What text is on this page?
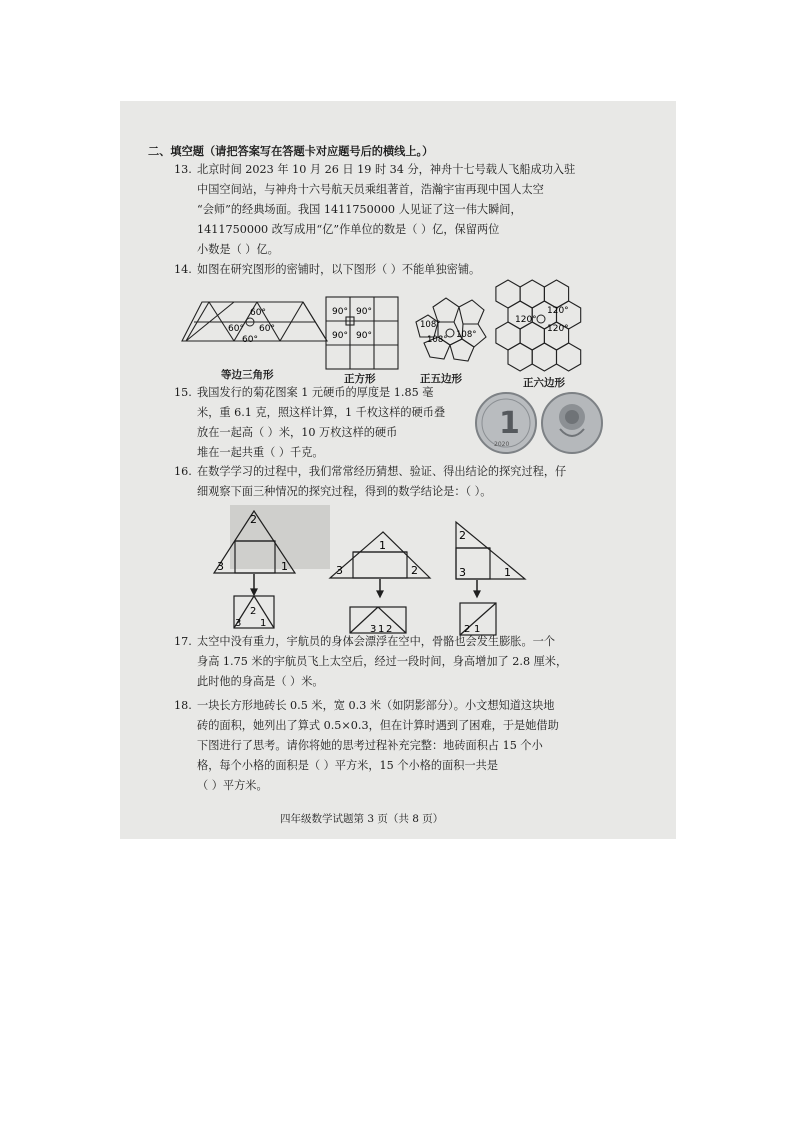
二、填空题（请把答案写在答题卡对应题号后的横线上。）
13. 北京时间 2023 年 10 月 26 日 19 时 34 分，神舟十七号载人飞船成功入驻
中国空间站，与神舟十六号航天员乘组著首，浩瀚宇宙再现中国人太空
“会师”的经典场面。我国 1411750000 人见证了这一伟大瞬间，
1411750000 改写成用“亿”作单位的数是（ ）亿，保留两位
小数是（ ）亿。
14. 如图在研究图形的密铺时，以下图形（ ）不能单独密铺。
60°
60° 60°
60°
90° 90°
90° 90°
108°
108°
108°
120°
120°
120°
1
2020
2
3	1
3
2
1
1
3	2
3 1 2
2
3	1
2 1
等边三角形	正方形	正五边形	正六边形
15. 我国发行的菊花图案 1 元硬币的厚度是 1.85 毫
米，重 6.1 克，照这样计算，1 千枚这样的硬币叠
放在一起高（ ）米，10 万枚这样的硬币
堆在一起共重（ ）千克。
16. 在数学学习的过程中，我们常常经历猜想、验证、得出结论的探究过程，仔
细观察下面三种情况的探究过程，得到的数学结论是：（ ）。
17. 太空中没有重力，宇航员的身体会漂浮在空中，骨骼也会发生膨胀。一个
身高 1.75 米的宇航员飞上太空后，经过一段时间，身高增加了 2.8 厘米，
此时他的身高是（ ）米。
18. 一块长方形地砖长 0.5 米，宽 0.3 米（如阴影部分）。小文想知道这块地
砖的面积，她列出了算式 0.5×0.3，但在计算时遇到了困难，于是她借助
下图进行了思考。请你将她的思考过程补充完整：地砖面积占 15 个小
格，每个小格的面积是（ ）平方米，15 个小格的面积一共是
（ ）平方米。
四年级数学试题第 3 页（共 8 页）
